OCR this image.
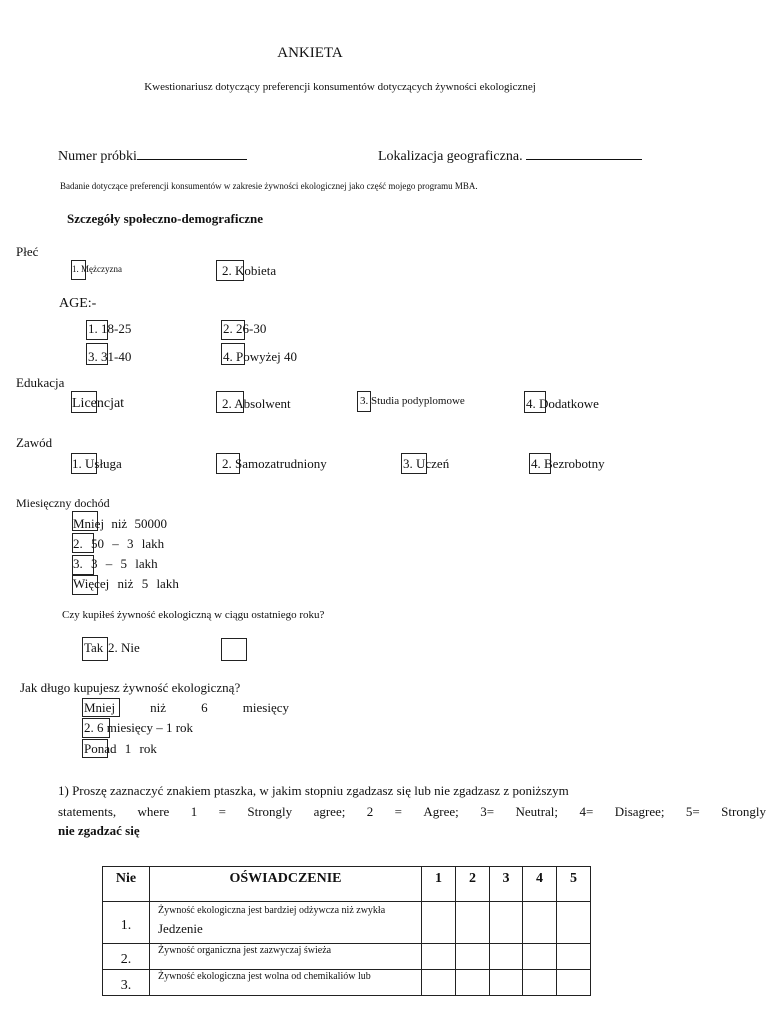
ANKIETA
Kwestionariusz dotyczący preferencji konsumentów dotyczących żywności ekologicznej
Numer próbki	Lokalizacja geograficzna.
Badanie dotyczące preferencji konsumentów w zakresie żywności ekologicznej jako część mojego programu MBA.
Szczegóły społeczno-demograficzne
Płeć
1. Mężczyzna	2. Kobieta
AGE:-
1. 18-25	2. 26-30
3. 31-40	4. Powyżej 40
Edukacja
Licencjat	2. Absolwent	3. Studia podyplomowe	4. Dodatkowe
Zawód
1. Usługa	2. Samozatrudniony	3. Uczeń	4. Bezrobotny
Miesięczny dochód
Mniej niż 50000
2. 50 – 3 lakh
3. 3 – 5 lakh
Więcej niż 5 lakh
Czy kupiłeś żywność ekologiczną w ciągu ostatniego roku?
Tak 2. Nie
Jak długo kupujesz żywność ekologiczną?
Mniej	niż	6	miesięcy
2. 6 miesięcy – 1 rok
Ponad 1 rok
1) Proszę zaznaczyć znakiem ptaszka, w jakim stopniu zgadzasz się lub nie zgadzasz z poniższym
statements, where 1 = Strongly agree; 2 = Agree; 3= Neutral; 4= Disagree; 5= Strongly
nie zgadzać się
Nie	OŚWIADCZENIE	1	2	3	4	5
1.	Żywność ekologiczna jest bardziej odżywcza niż zwykła
Jedzenie					

2.	Żywność organiczna jest zazwyczaj świeża					
3.	Żywność ekologiczna jest wolna od chemikaliów lub					
